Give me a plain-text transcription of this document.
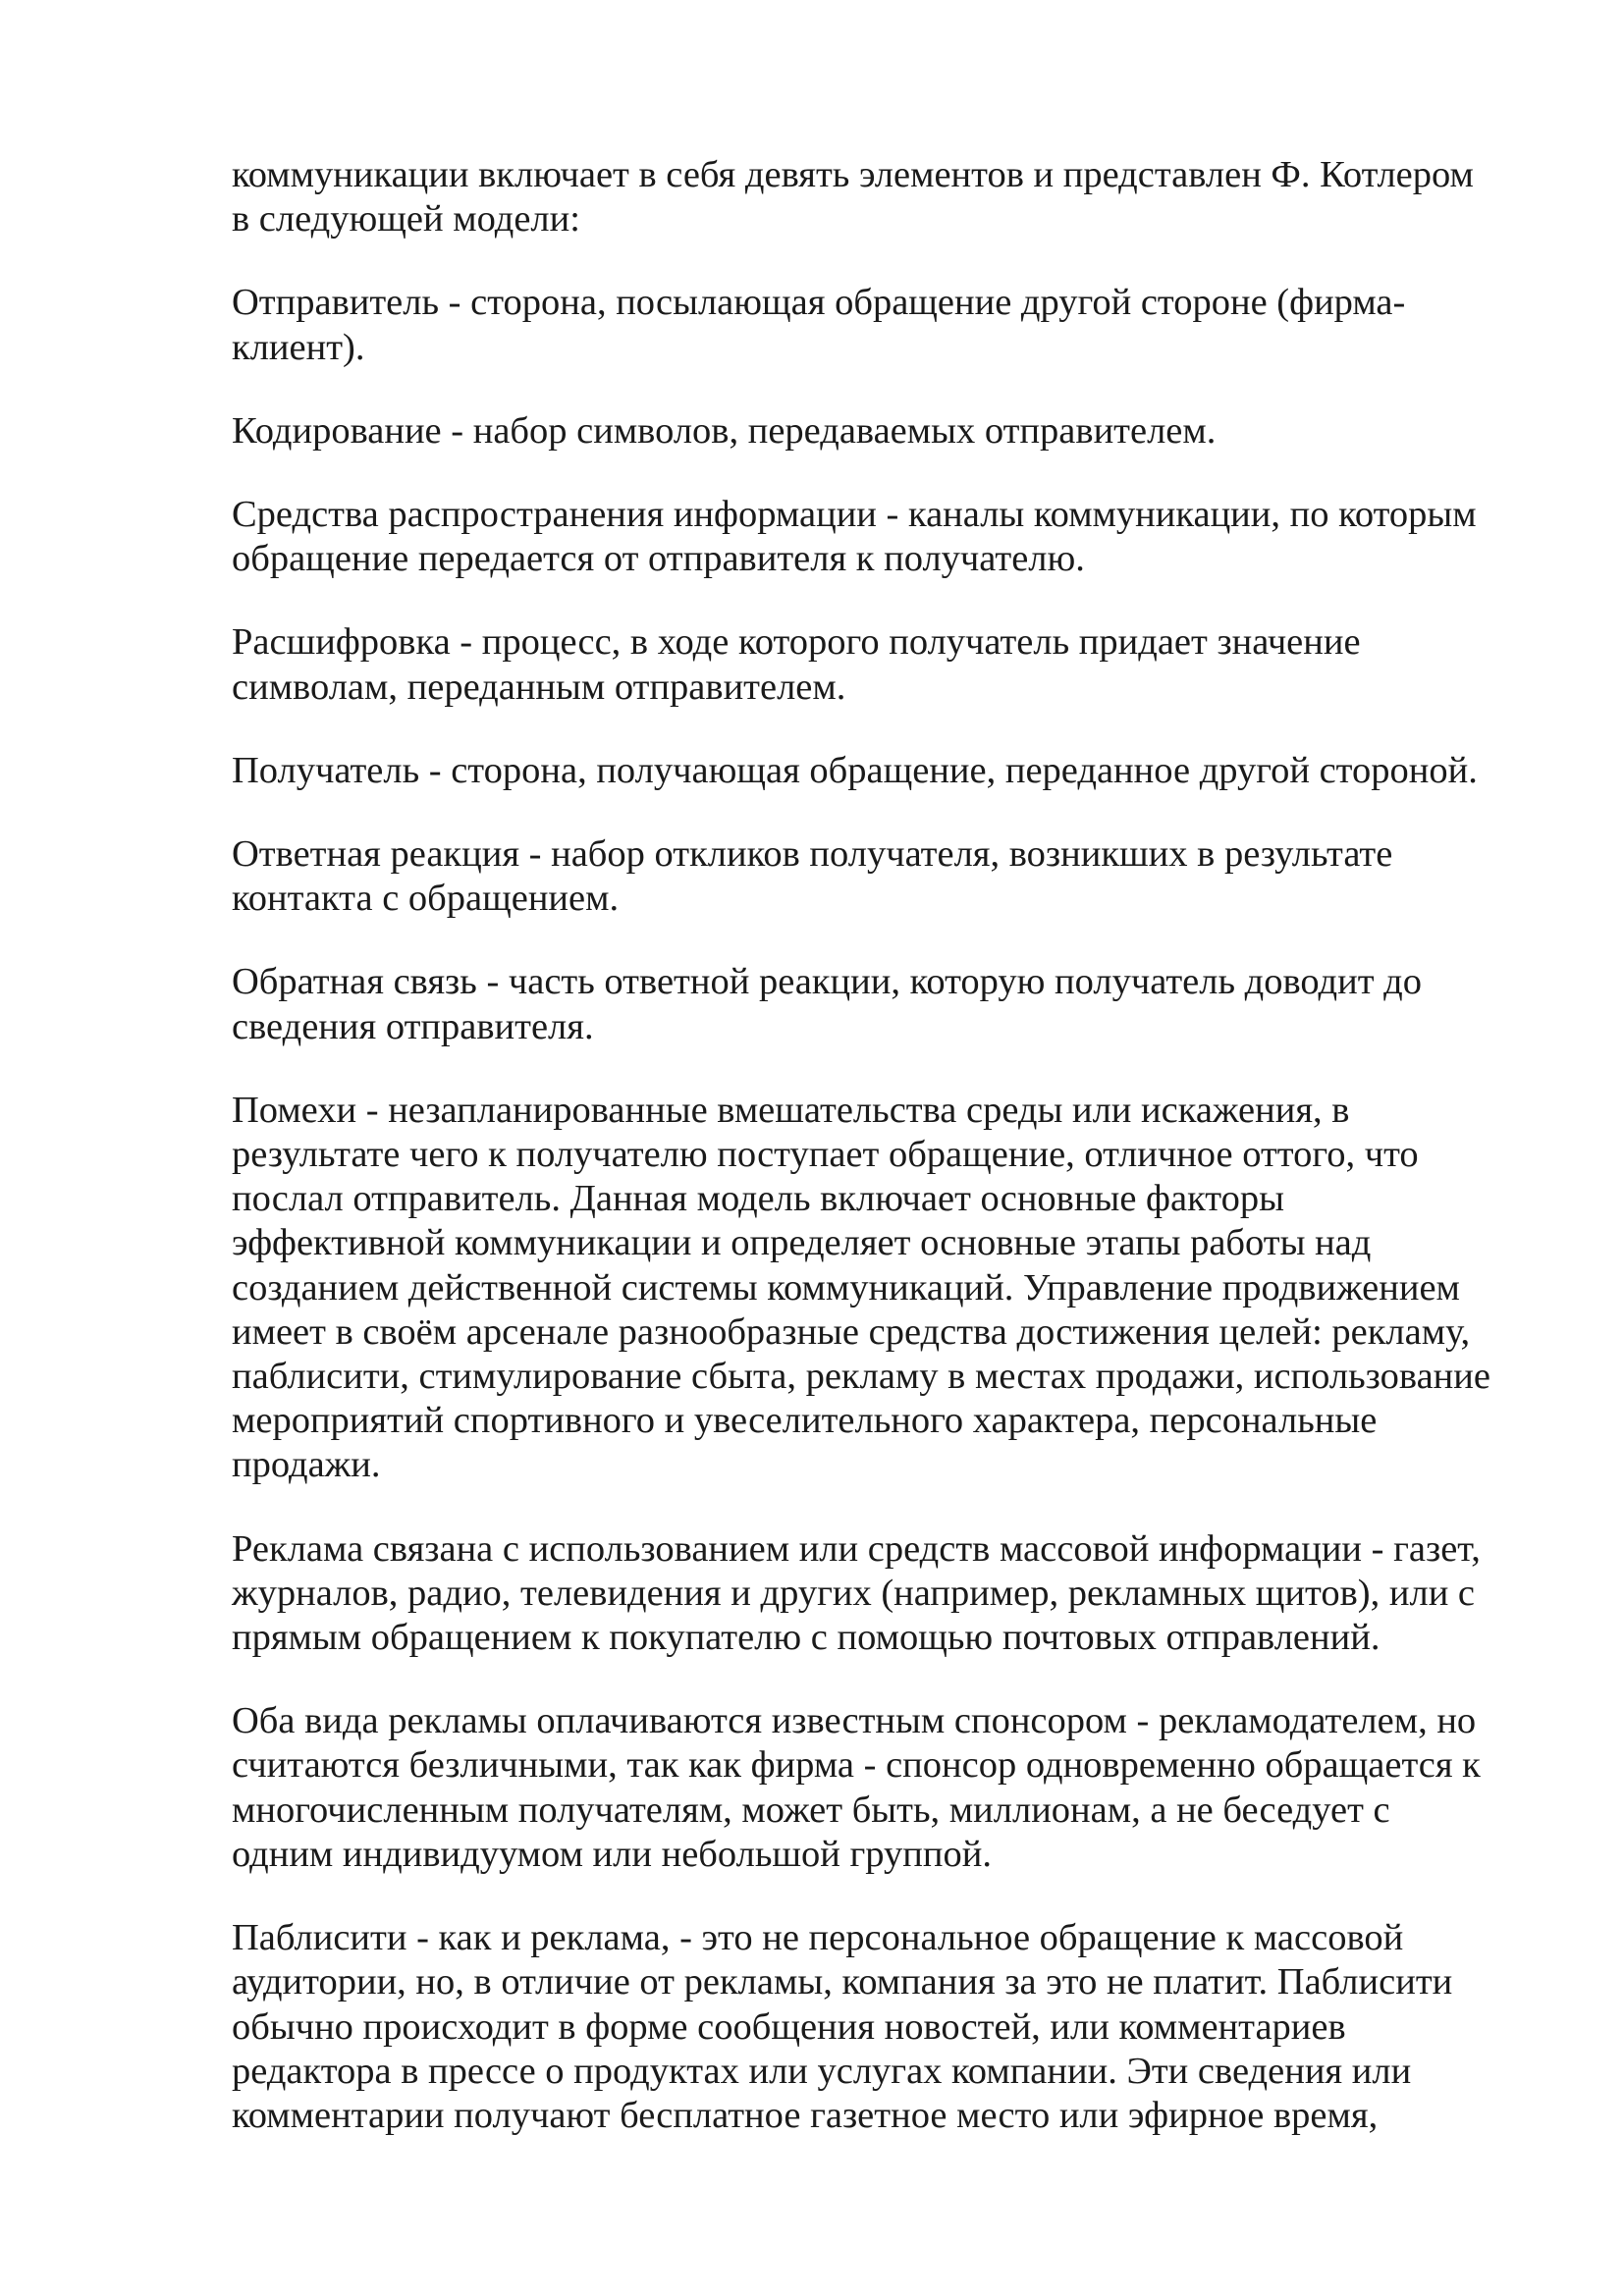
коммуникации включает в себя девять элементов и представлен Ф. Котлером
в следующей модели:

Отправитель - сторона, посылающая обращение другой стороне (фирма-
клиент).

Кодирование - набор символов, передаваемых отправителем.

Средства распространения информации - каналы коммуникации, по которым
обращение передается от отправителя к получателю.

Расшифровка - процесс, в ходе которого получатель придает значение
символам, переданным отправителем.

Получатель - сторона, получающая обращение, переданное другой стороной.

Ответная реакция - набор откликов получателя, возникших в результате
контакта с обращением.

Обратная связь - часть ответной реакции, которую получатель доводит до
сведения отправителя.

Помехи - незапланированные вмешательства среды или искажения, в
результате чего к получателю поступает обращение, отличное оттого, что
послал отправитель. Данная модель включает основные факторы
эффективной коммуникации и определяет основные этапы работы над
созданием действенной системы коммуникаций. Управление продвижением
имеет в своём арсенале разнообразные средства достижения целей: рекламу,
паблисити, стимулирование сбыта, рекламу в местах продажи, использование
мероприятий спортивного и увеселительного характера, персональные
продажи.

Реклама связана с использованием или средств массовой информации - газет,
журналов, радио, телевидения и других (например, рекламных щитов), или с
прямым обращением к покупателю с помощью почтовых отправлений.

Оба вида рекламы оплачиваются известным спонсором - рекламодателем, но
считаются безличными, так как фирма - спонсор одновременно обращается к
многочисленным получателям, может быть, миллионам, а не беседует с
одним индивидуумом или небольшой группой.

Паблисити - как и реклама, - это не персональное обращение к массовой
аудитории, но, в отличие от рекламы, компания за это не платит. Паблисити
обычно происходит в форме сообщения новостей, или комментариев
редактора в прессе о продуктах или услугах компании. Эти сведения или
комментарии получают бесплатное газетное место или эфирное время,
